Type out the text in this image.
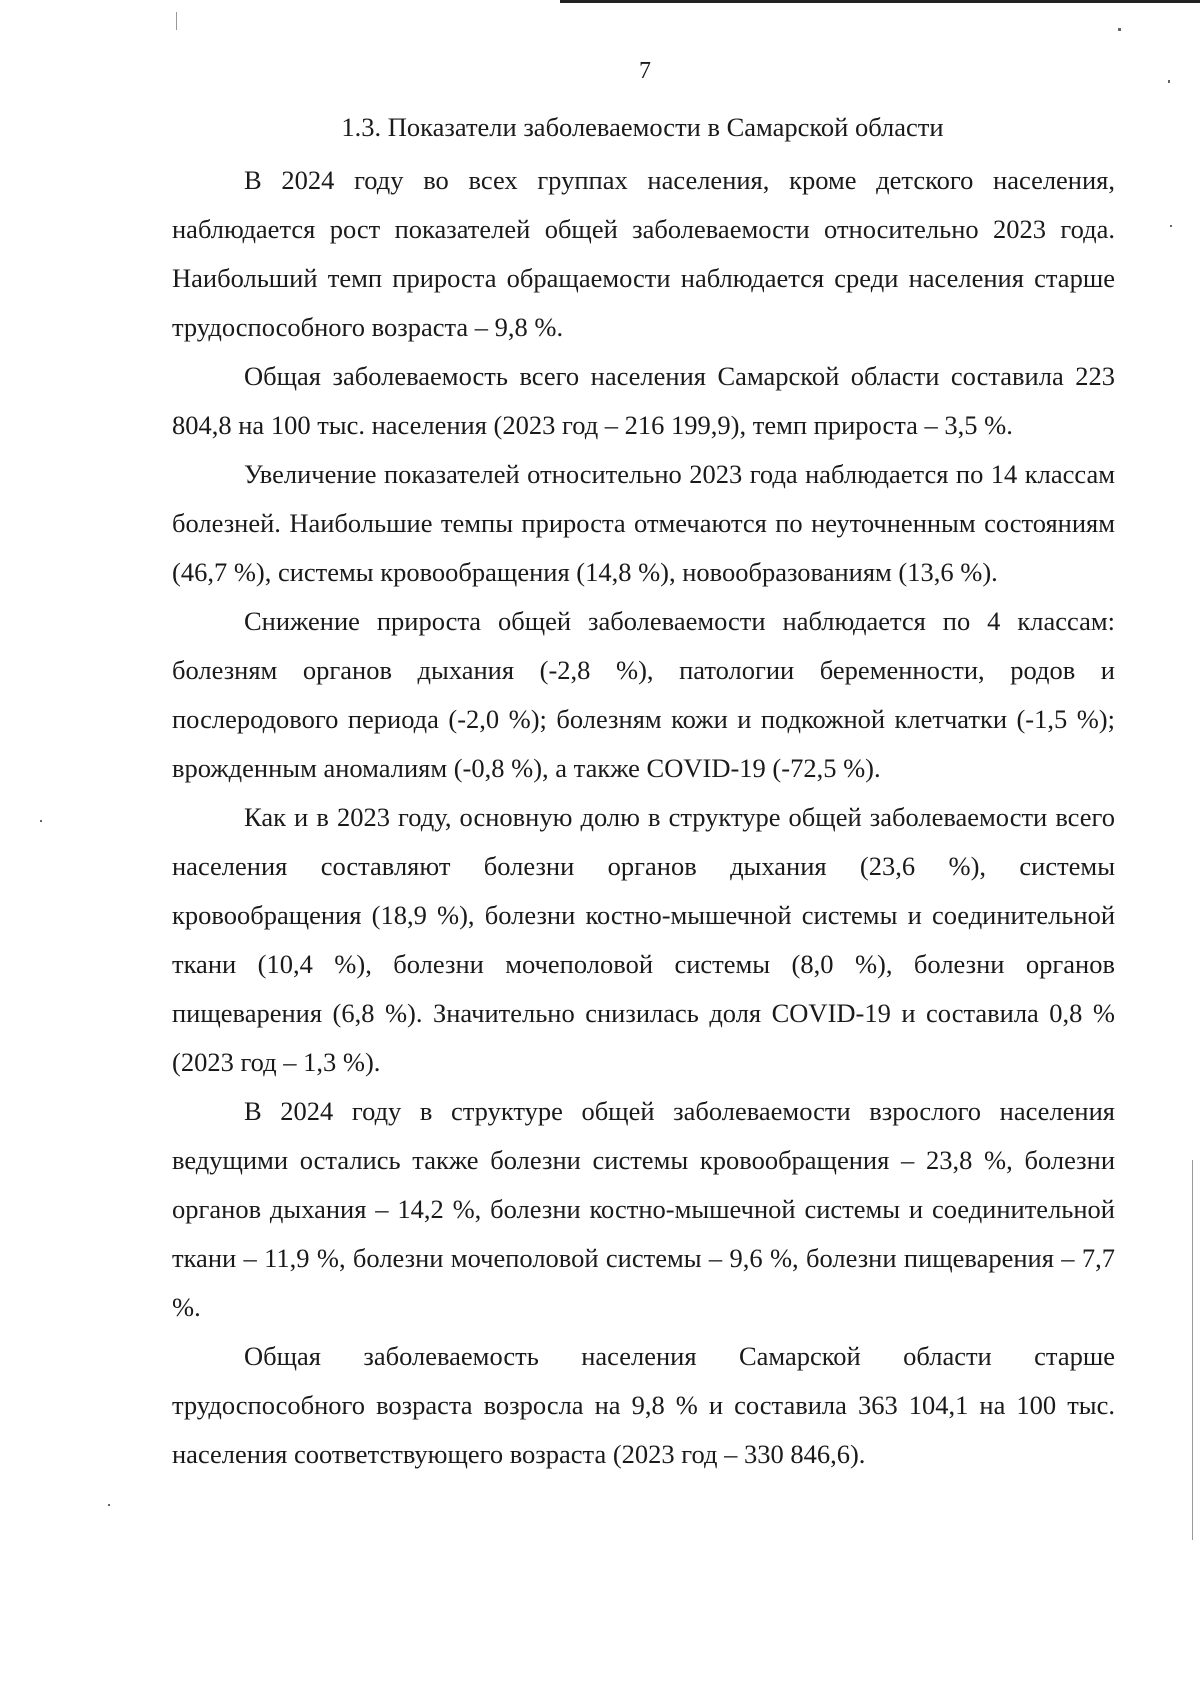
7
1.3. Показатели заболеваемости в Самарской области

В 2024 году во всех группах населения, кроме детского населения, наблюдается рост показателей общей заболеваемости относительно 2023 года. Наибольший темп прироста обращаемости наблюдается среди населения старше трудоспособного возраста – 9,8 %.

Общая заболеваемость всего населения Самарской области составила 223 804,8 на 100 тыс. населения (2023 год – 216 199,9), темп прироста – 3,5 %.

Увеличение показателей относительно 2023 года наблюдается по 14 классам болезней. Наибольшие темпы прироста отмечаются по неуточненным состояниям (46,7 %), системы кровообращения (14,8 %), новообразованиям (13,6 %).

Снижение прироста общей заболеваемости наблюдается по 4 классам: болезням органов дыхания (-2,8 %), патологии беременности, родов и послеродового периода (-2,0 %); болезням кожи и подкожной клетчатки (-1,5 %); врожденным аномалиям (-0,8 %), а также COVID-19 (-72,5 %).

Как и в 2023 году, основную долю в структуре общей заболеваемости всего населения составляют болезни органов дыхания (23,6 %), системы кровообращения (18,9 %), болезни костно-мышечной системы и соединительной ткани (10,4 %), болезни мочеполовой системы (8,0 %), болезни органов пищеварения (6,8 %). Значительно снизилась доля COVID-19 и составила 0,8 % (2023 год – 1,3 %).

В 2024 году в структуре общей заболеваемости взрослого населения ведущими остались также болезни системы кровообращения – 23,8 %, болезни органов дыхания – 14,2 %, болезни костно-мышечной системы и соединительной ткани – 11,9 %, болезни мочеполовой системы – 9,6 %, болезни пищеварения – 7,7 %.

Общая заболеваемость населения Самарской области старше трудоспособного возраста возросла на 9,8 % и составила 363 104,1 на 100 тыс. населения соответствующего возраста (2023 год – 330 846,6).
